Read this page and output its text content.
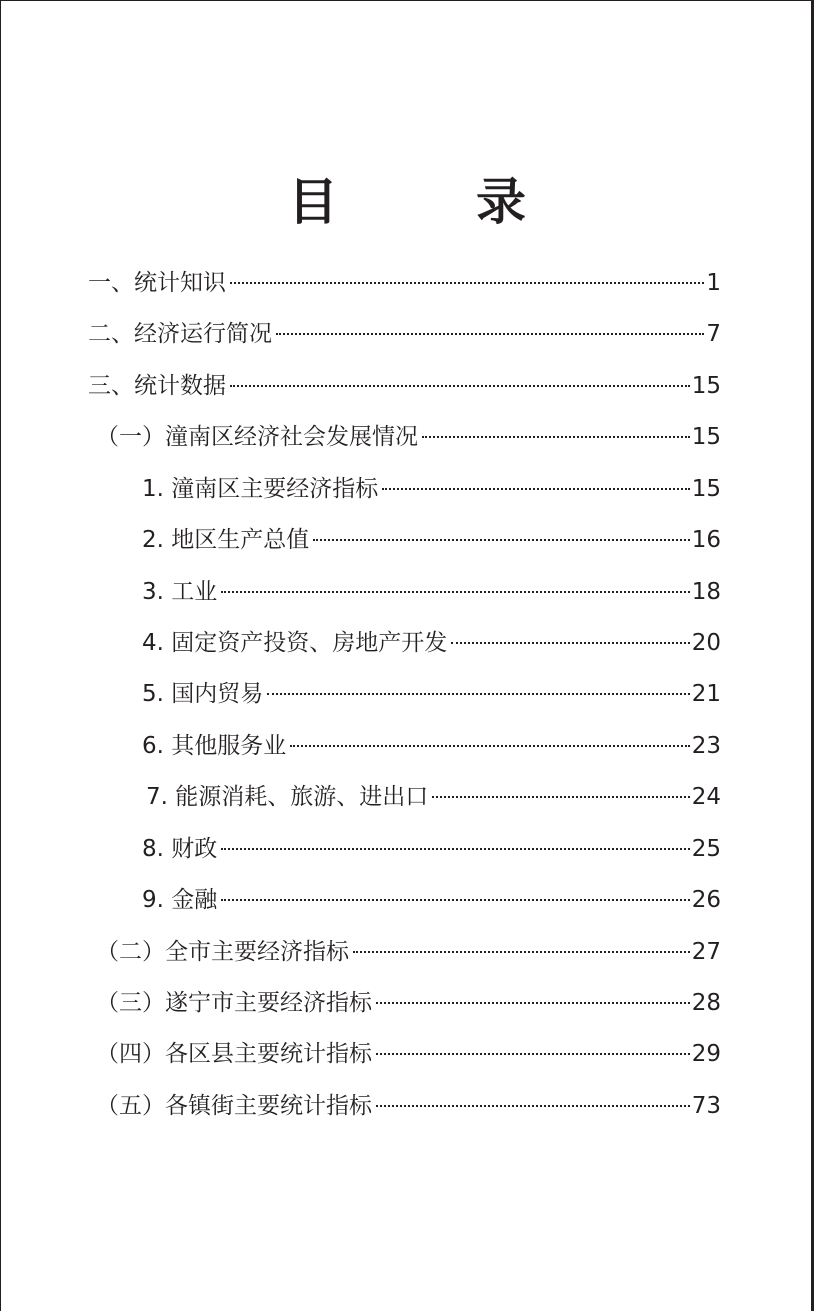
目　录
一、统计知识	1
二、经济运行简况	7
三、统计数据	15
（一）潼南区经济社会发展情况	15
1. 潼南区主要经济指标	15
2. 地区生产总值	16
3. 工业	18
4. 固定资产投资、房地产开发	20
5. 国内贸易	21
6. 其他服务业	23
7. 能源消耗、旅游、进出口	24
8. 财政	25
9. 金融	26
（二）全市主要经济指标	27
（三）遂宁市主要经济指标	28
（四）各区县主要统计指标	29
（五）各镇街主要统计指标	73
